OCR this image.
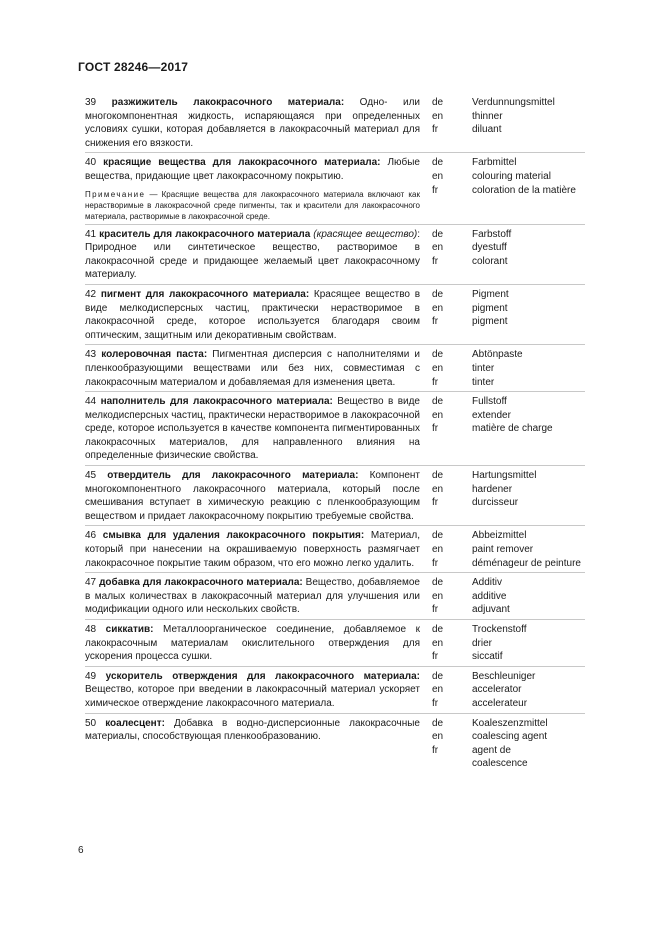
ГОСТ 28246—2017
39 разжижитель лакокрасочного материала: Одно- или многокомпонентная жидкость, испаряющаяся при определенных условиях сушки, которая добавляется в лакокрасочный материал для снижения его вязкости.
de
en
fr
Verdunnungsmittel
thinner
diluant
40 красящие вещества для лакокрасочного материала: Любые вещества, придающие цвет лакокрасочному покрытию.
Примечание — Красящие вещества для лакокрасочного материала включают как нерастворимые в лакокрасочной среде пигменты, так и красители для лакокрасочного материала, растворимые в лакокрасочной среде.
de
en
fr
Farbmittel
colouring material
coloration de la matière
41 краситель для лакокрасочного материала (красящее вещество): Природное или синтетическое вещество, растворимое в лакокрасочной среде и придающее желаемый цвет лакокрасочному материалу.
de
en
fr
Farbstoff
dyestuff
colorant
42 пигмент для лакокрасочного материала: Красящее вещество в виде мелкодисперсных частиц, практически нерастворимое в лакокрасочной среде, которое используется благодаря своим оптическим, защитным или декоративным свойствам.
de
en
fr
Pigment
pigment
pigment
43 колеровочная паста: Пигментная дисперсия с наполнителями и пленкообразующими веществами или без них, совместимая с лакокрасочным материалом и добавляемая для изменения цвета.
de
en
fr
Abtönpaste
tinter
tinter
44 наполнитель для лакокрасочного материала: Вещество в виде мелкодисперсных частиц, практически нерастворимое в лакокрасочной среде, которое используется в качестве компонента пигментированных лакокрасочных материалов, для направленного влияния на определенные физические свойства.
de
en
fr
Fullstoff
extender
matière de charge
45 отвердитель для лакокрасочного материала: Компонент многокомпонентного лакокрасочного материала, который после смешивания вступает в химическую реакцию с пленкообразующим веществом и придает лакокрасочному покрытию требуемые свойства.
de
en
fr
Hartungsmittel
hardener
durcisseur
46 смывка для удаления лакокрасочного покрытия: Материал, который при нанесении на окрашиваемую поверхность размягчает лакокрасочное покрытие таким образом, что его можно легко удалить.
de
en
fr
Abbeizmittel
paint remover
déménageur de peinture
47 добавка для лакокрасочного материала: Вещество, добавляемое в малых количествах в лакокрасочный материал для улучшения или модификации одного или нескольких свойств.
de
en
fr
Additiv
additive
adjuvant
48 сиккатив: Металлоорганическое соединение, добавляемое к лакокрасочным материалам окислительного отверждения для ускорения процесса сушки.
de
en
fr
Trockenstoff
drier
siccatif
49 ускоритель отверждения для лакокрасочного материала: Вещество, которое при введении в лакокрасочный материал ускоряет химическое отверждение лакокрасочного материала.
de
en
fr
Beschleuniger
accelerator
accelerateur
50 коалесцент: Добавка в водно-дисперсионные лакокрасочные материалы, способствующая пленкообразованию.
de
en
fr
Koaleszenzmittel
coalescing agent
agent de
coalescence
6
